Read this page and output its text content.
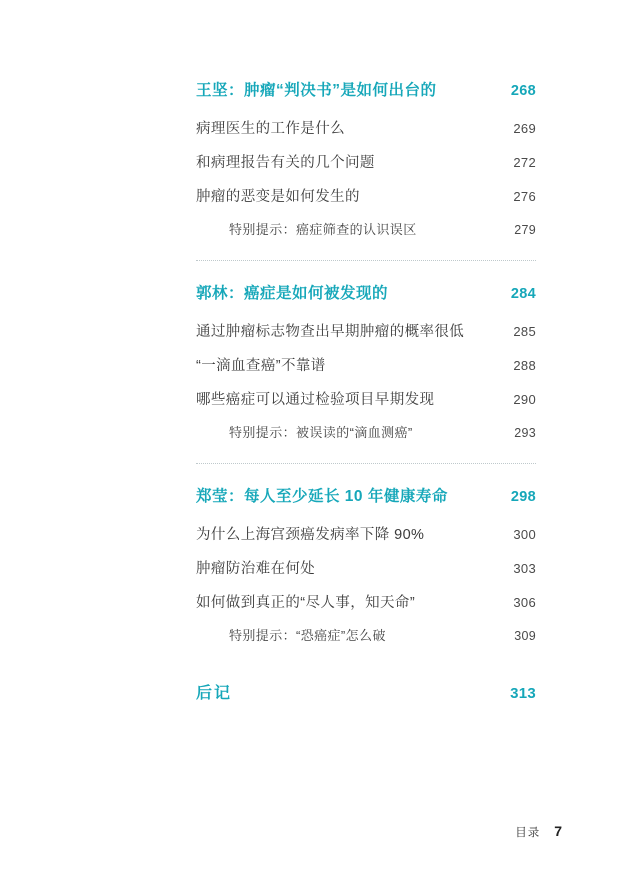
王坚：肿瘤“判决书”是如何出台的	268
病理医生的工作是什么	269
和病理报告有关的几个问题	272
肿瘤的恶变是如何发生的	276
特别提示：癌症筛查的认识误区	279
郭林：癌症是如何被发现的	284
通过肿瘤标志物查出早期肿瘤的概率很低	285
“一滴血查癌”不靠谱	288
哪些癌症可以通过检验项目早期发现	290
特别提示：被误读的“滴血测癌”	293
郑莹：每人至少延长 10 年健康寿命	298
为什么上海宫颈癌发病率下降 90%	300
肿瘤防治难在何处	303
如何做到真正的“尽人事，知天命”	306
特别提示：“恐癌症”怎么破	309
后记	313
目录 7
